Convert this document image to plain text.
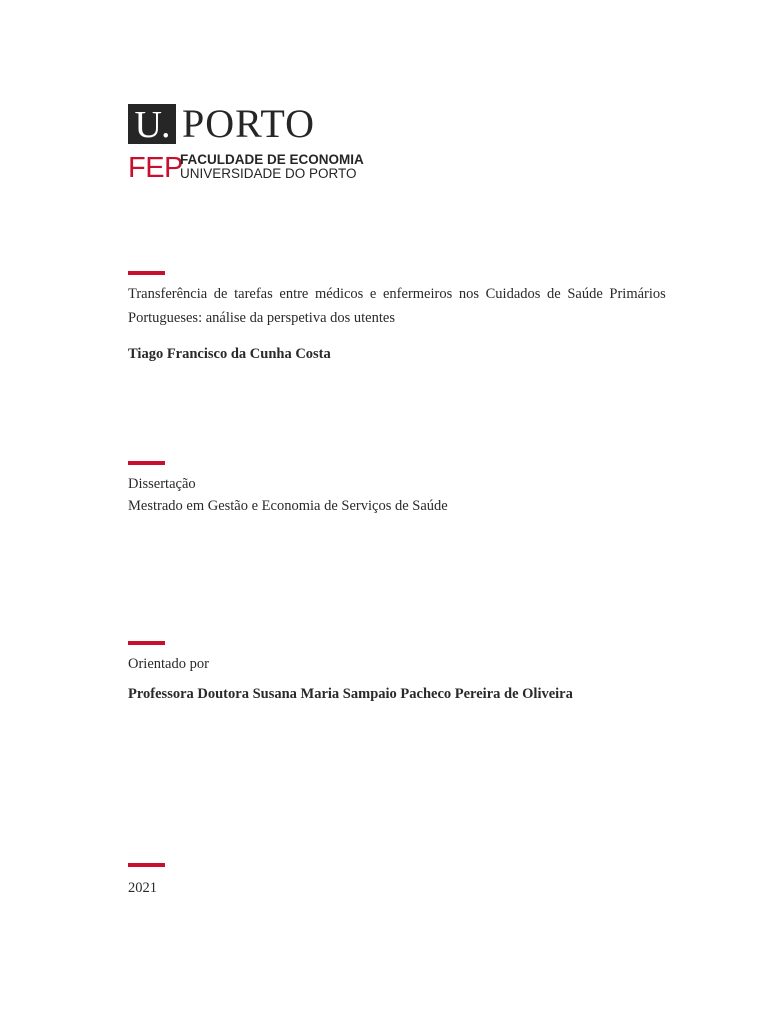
U. PORTO
FEP
FACULDADE DE ECONOMIA
UNIVERSIDADE DO PORTO
Transferência de tarefas entre médicos e enfermeiros nos Cuidados de Saúde Primários
Portugueses: análise da perspetiva dos utentes
Tiago Francisco da Cunha Costa
Dissertação
Mestrado em Gestão e Economia de Serviços de Saúde
Orientado por
Professora Doutora Susana Maria Sampaio Pacheco Pereira de Oliveira
2021
